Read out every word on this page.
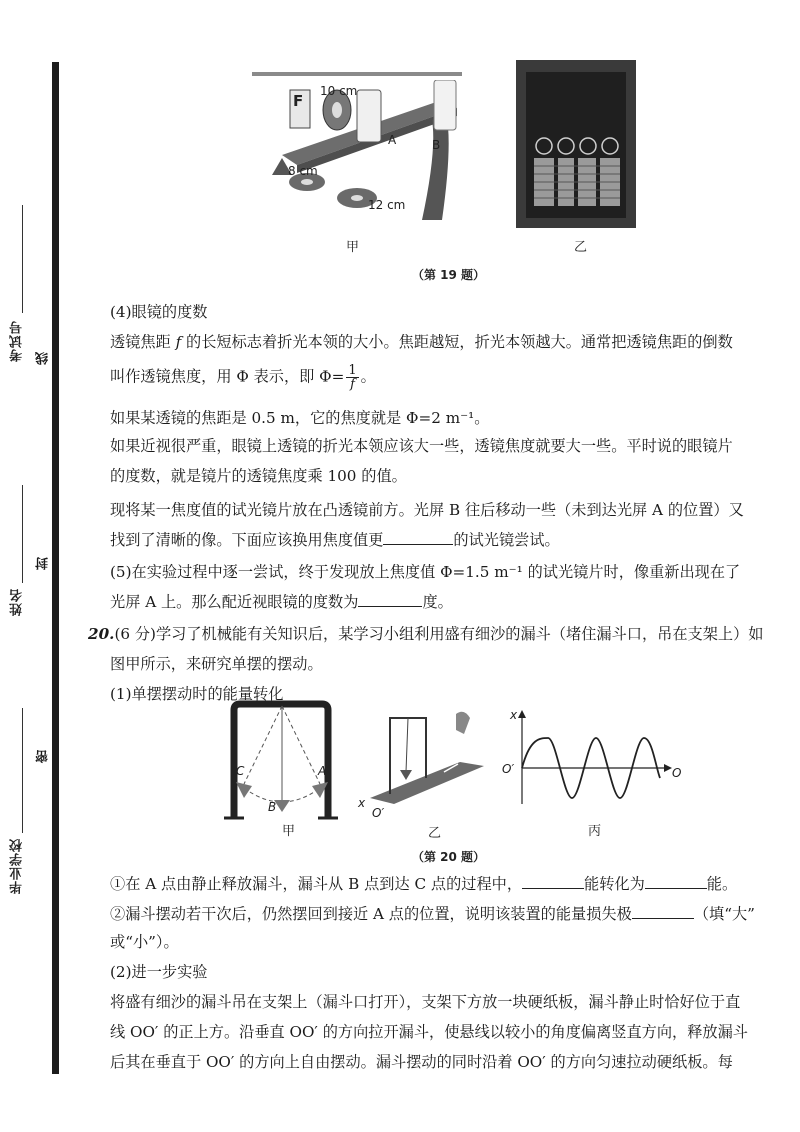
考试号
姓名
毕业学校
线
封
密
F
10 cm
A	B
8 cm
12 cm
甲	乙
（第 19 题）
(4)眼镜的度数
透镜焦距 f 的长短标志着折光本领的大小。焦距越短，折光本领越大。通常把透镜焦距的倒数
叫作透镜焦度，用 Φ 表示，即 $\Phi= \frac{1}{f}$ 。
如果某透镜的焦距是 0.5 m，它的焦度就是 Φ=2 m⁻¹。
如果近视很严重，眼镜上透镜的折光本领应该大一些，透镜焦度就要大一些。平时说的眼镜片
的度数，就是镜片的透镜焦度乘 100 的值。
现将某一焦度值的试光镜片放在凸透镜前方。光屏 B 往后移动一些（未到达光屏 A 的位置）又
找到了清晰的像。下面应该换用焦度值更	的试光镜尝试。
(5)在实验过程中逐一尝试，终于发现放上焦度值 Φ=1.5 m⁻¹ 的试光镜片时，像重新出现在了
光屏 A 上。那么配近视眼镜的度数为	度。
20.(6 分)学习了机械能有关知识后，某学习小组利用盛有细沙的漏斗（堵住漏斗口，吊在支架上）如
图甲所示，来研究单摆的摆动。
(1)单摆摆动时的能量转化
C
B
A
甲
x
O′
乙
x
O′	O
丙
（第 20 题）
①在 A 点由静止释放漏斗，漏斗从 B 点到达 C 点的过程中，	能转化为	能。
②漏斗摆动若干次后，仍然摆回到接近 A 点的位置，说明该装置的能量损失极	（填“大”
或“小”）。
(2)进一步实验
将盛有细沙的漏斗吊在支架上（漏斗口打开），支架下方放一块硬纸板，漏斗静止时恰好位于直
线 OO′ 的正上方。沿垂直 OO′ 的方向拉开漏斗，使悬线以较小的角度偏离竖直方向，释放漏斗
后其在垂直于 OO′ 的方向上自由摆动。漏斗摆动的同时沿着 OO′ 的方向匀速拉动硬纸板。每
